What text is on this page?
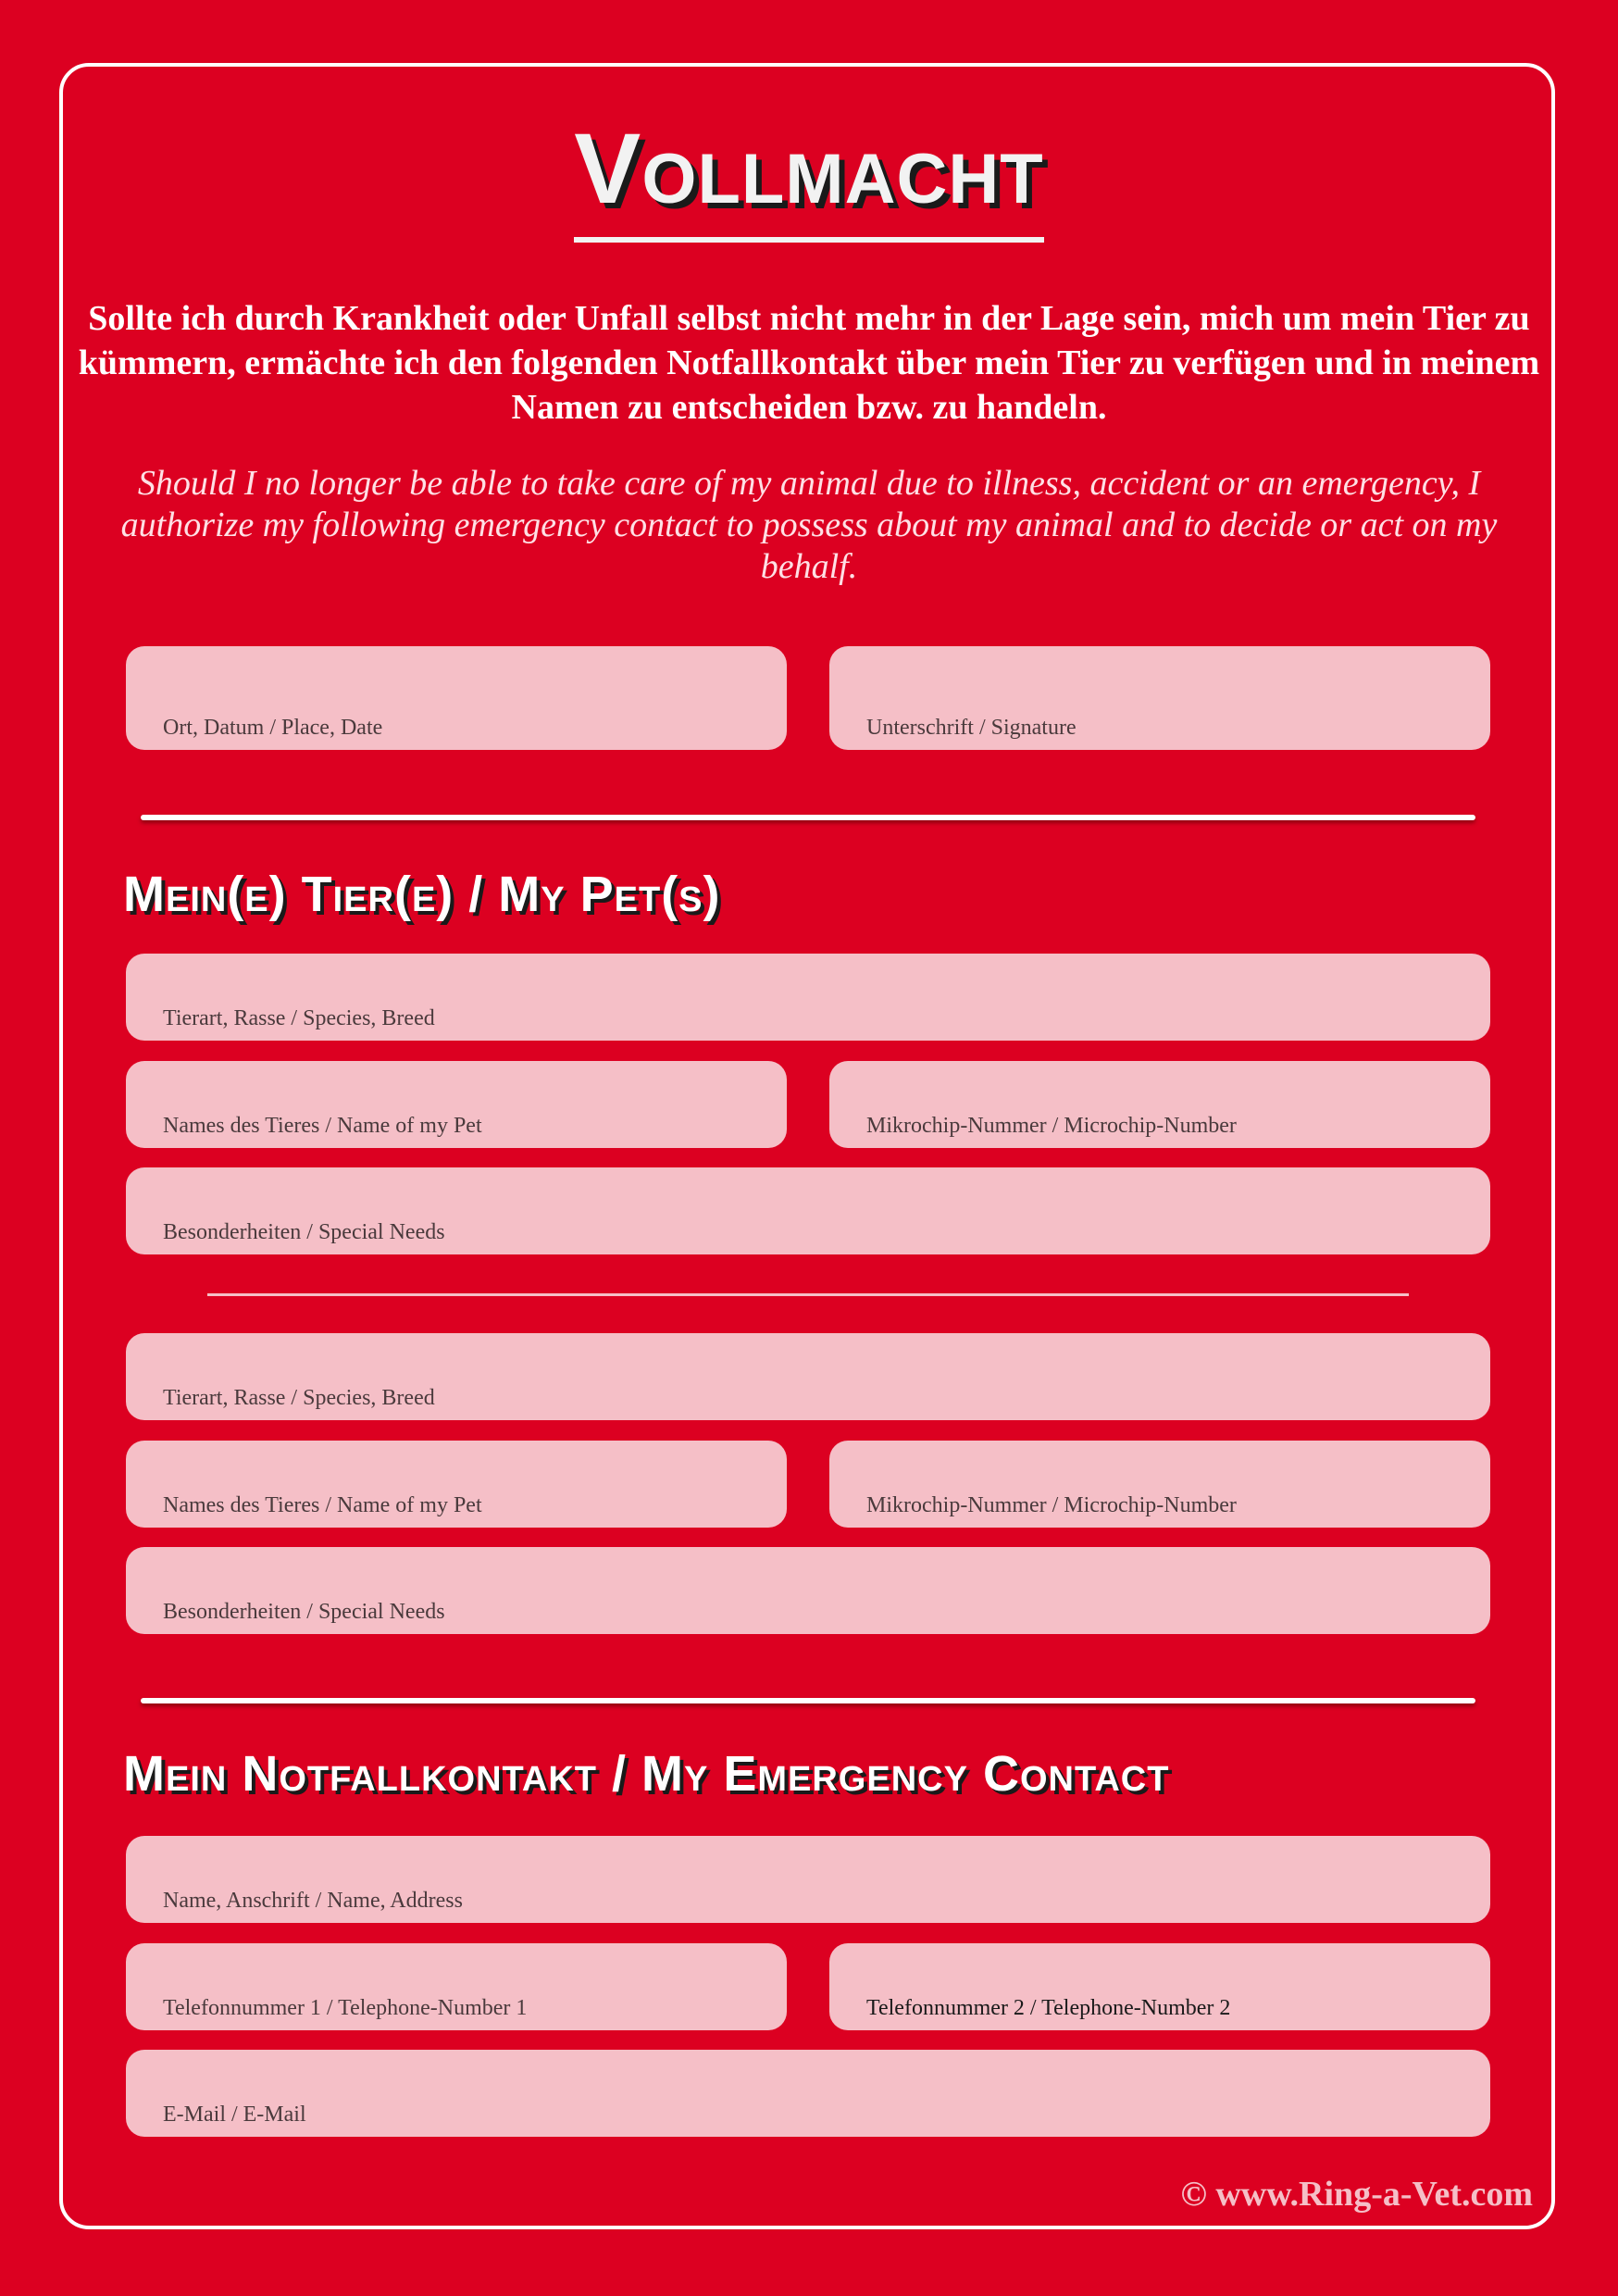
Vollmacht
Sollte ich durch Krankheit oder Unfall selbst nicht mehr in der Lage sein, mich um mein Tier zu kümmern, ermächte ich den folgenden Notfallkontakt über mein Tier zu verfügen und in meinem Namen zu entscheiden bzw. zu handeln.
Should I no longer be able to take care of my animal due to illness, accident or an emergency, I authorize my following emergency contact to possess about my animal and to decide or act on my behalf.
Ort, Datum / Place, Date	Unterschrift / Signature
Mein(e) Tier(e) / My Pet(s)
Tierart, Rasse / Species, Breed
Names des Tieres / Name of my Pet	Mikrochip-Nummer / Microchip-Number
Besonderheiten / Special Needs
Tierart, Rasse / Species, Breed
Names des Tieres / Name of my Pet	Mikrochip-Nummer / Microchip-Number
Besonderheiten / Special Needs
Mein Notfallkontakt / My Emergency Contact
Name, Anschrift / Name, Address
Telefonnummer 1 / Telephone-Number 1	Telefonnummer 2 / Telephone-Number 2
E-Mail / E-Mail
© www.Ring-a-Vet.com
